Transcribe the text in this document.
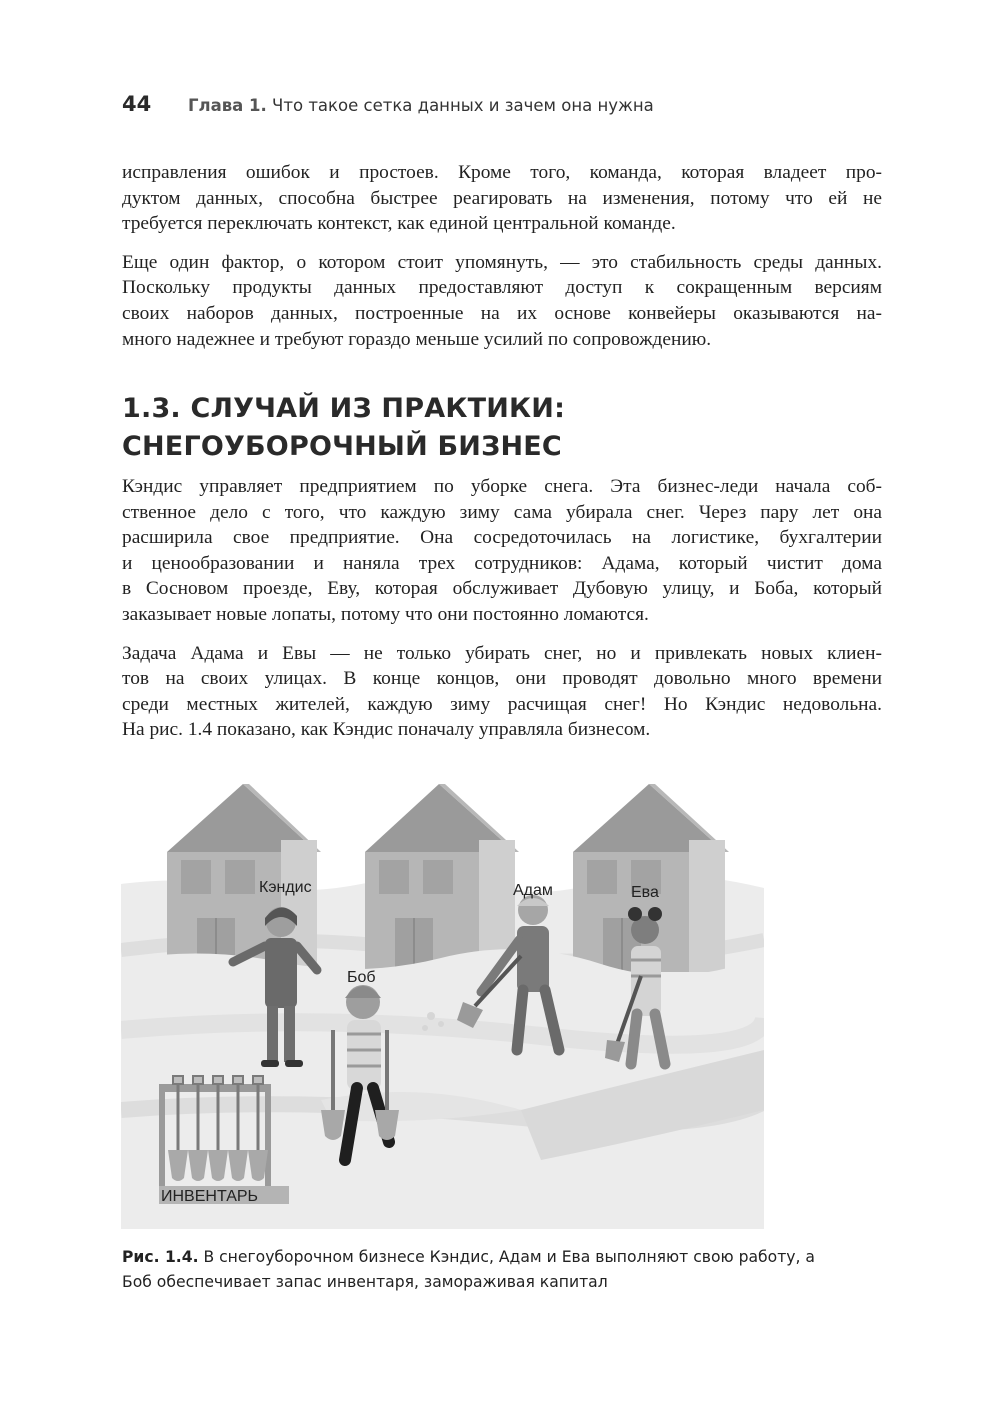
44 Глава 1. Что такое сетка данных и зачем она нужна

исправления ошибок и простоев. Кроме того, команда, которая владеет про-
дуктом данных, способна быстрее реагировать на изменения, потому что ей не
требуется переключать контекст, как единой центральной команде.

Еще один фактор, о котором стоит упомянуть, — это стабильность среды данных.
Поскольку продукты данных предоставляют доступ к сокращенным версиям
своих наборов данных, построенные на их основе конвейеры оказываются на-
много надежнее и требуют гораздо меньше усилий по сопровождению.

1.3. СЛУЧАЙ ИЗ ПРАКТИКИ:
СНЕГОУБОРОЧНЫЙ БИЗНЕС

Кэндис управляет предприятием по уборке снега. Эта бизнес-леди начала соб-
ственное дело с того, что каждую зиму сама убирала снег. Через пару лет она
расширила свое предприятие. Она сосредоточилась на логистике, бухгалтерии
и ценообразовании и наняла трех сотрудников: Адама, который чистит дома
в Сосновом проезде, Еву, которая обслуживает Дубовую улицу, и Боба, который
заказывает новые лопаты, потому что они постоянно ломаются.

Задача Адама и Евы — не только убирать снег, но и привлекать новых клиен-
тов на своих улицах. В конце концов, они проводят довольно много времени
среди местных жителей, каждую зиму расчищая снег! Но Кэндис недовольна.
На рис. 1.4 показано, как Кэндис поначалу управляла бизнесом.

Кэндис	Адам	Ева
Боб
ИНВЕНТАРЬ
Рис. 1.4. В снегоуборочном бизнесе Кэндис, Адам и Ева выполняют свою работу, а Боб обеспечивает запас инвентаря, замораживая капитал
